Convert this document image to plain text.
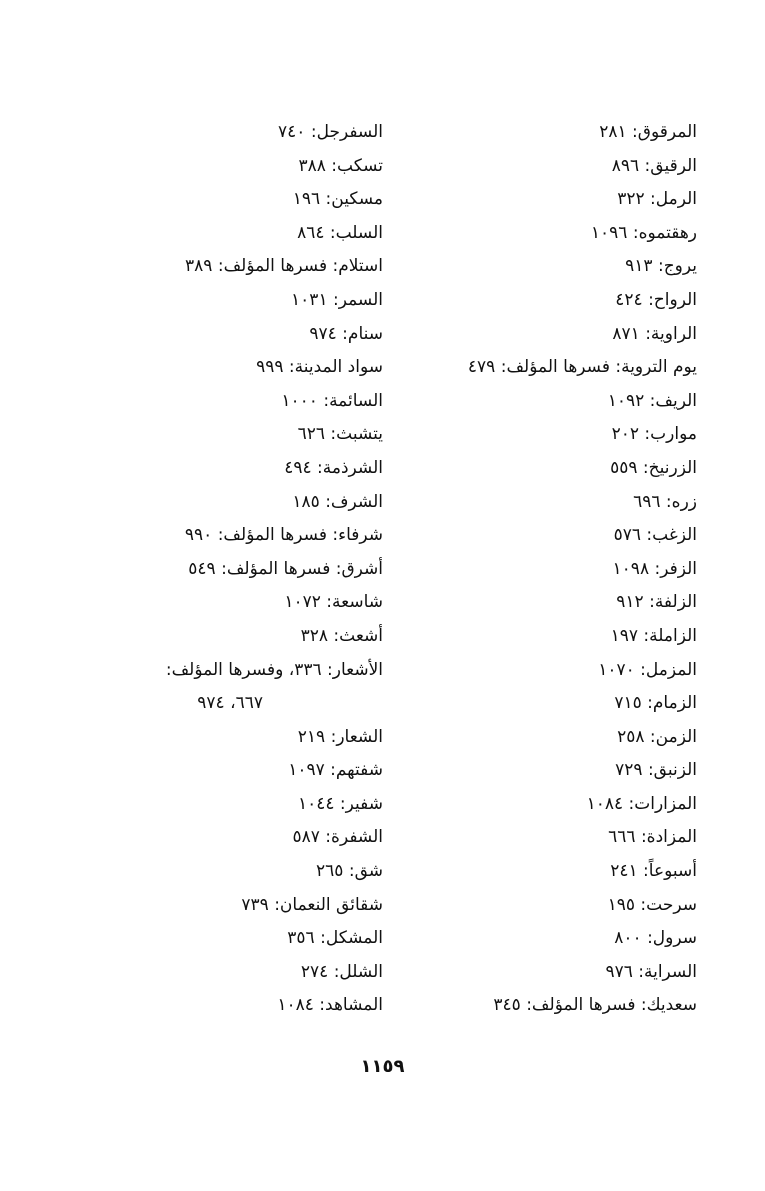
المرقوق: ٢٨١
الرقيق: ٨٩٦
الرمل: ٣٢٢
رهقتموه: ١٠٩٦
يروج: ٩١٣
الرواح: ٤٢٤
الراوية: ٨٧١
يوم التروية: فسرها المؤلف: ٤٧٩
الريف: ١٠٩٢
موارب: ٢٠٢
الزرنيخ: ٥٥٩
زره: ٦٩٦
الزغب: ٥٧٦
الزفر: ١٠٩٨
الزلفة: ٩١٢
الزاملة: ١٩٧
المزمل: ١٠٧٠
الزمام: ٧١٥
الزمن: ٢٥٨
الزنبق: ٧٢٩
المزارات: ١٠٨٤
المزادة: ٦٦٦
أسبوعاً: ٢٤١
سرحت: ١٩٥
سرول: ٨٠٠
السراية: ٩٧٦
سعديك: فسرها المؤلف: ٣٤٥
السفرجل: ٧٤٠
تسكب: ٣٨٨
مسكين: ١٩٦
السلب: ٨٦٤
استلام: فسرها المؤلف: ٣٨٩
السمر: ١٠٣١
سنام: ٩٧٤
سواد المدينة: ٩٩٩
السائمة: ١٠٠٠
يتشبث: ٦٢٦
الشرذمة: ٤٩٤
الشرف: ١٨٥
شرفاء: فسرها المؤلف: ٩٩٠
أشرق: فسرها المؤلف: ٥٤٩
شاسعة: ١٠٧٢
أشعث: ٣٢٨
الأشعار: ٣٣٦، وفسرها المؤلف:
٦٦٧، ٩٧٤
الشعار: ٢١٩
شفتهم: ١٠٩٧
شفير: ١٠٤٤
الشفرة: ٥٨٧
شق: ٢٦٥
شقائق النعمان: ٧٣٩
المشكل: ٣٥٦
الشلل: ٢٧٤
المشاهد: ١٠٨٤
١١٥٩
